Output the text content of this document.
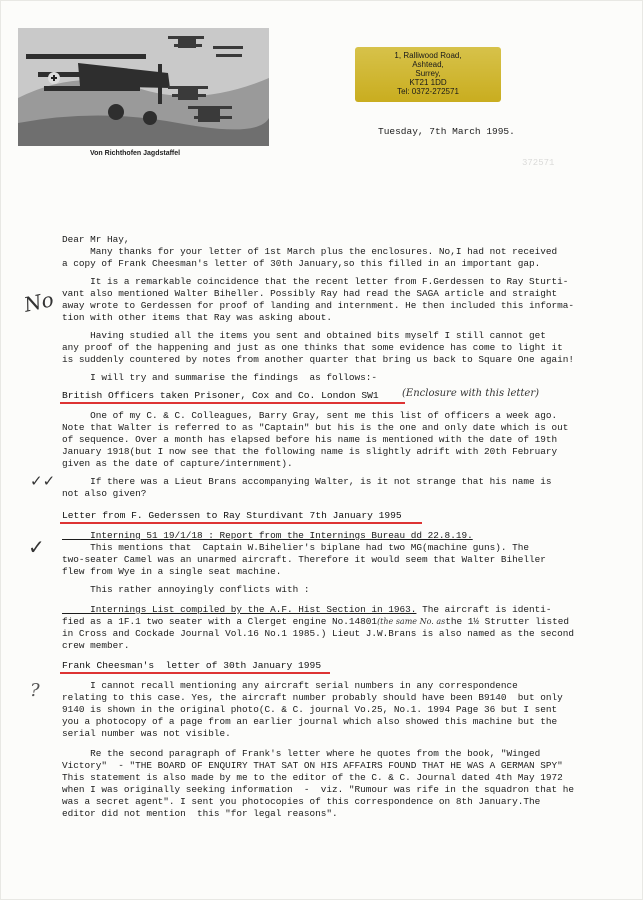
Von Richthofen Jagdstaffel
1, Ralliwood Road,
Ashtead,
Surrey,
KT21 1DD
Tel: 0372-272571
Tuesday, 7th March 1995.
372571
Dear Mr Hay,
Many thanks for your letter of 1st March plus the enclosures. No,I had not received
a copy of Frank Cheesman's letter of 30th January,so this filled in an important gap.
It is a remarkable coincidence that the recent letter from F.Gerdessen to Ray Sturti-
vant also mentioned Walter Biheller. Possibly Ray had read the SAGA article and straight
away wrote to Gerdessen for proof of landing and internment. He then included this informa-
tion with other items that Ray was asking about.
Having studied all the items you sent and obtained bits myself I still cannot get
any proof of the happening and just as one thinks that some evidence has come to light it
is suddenly countered by notes from another quarter that bring us back to Square One again!
I will try and summarise the findings  as follows:-
British Officers taken Prisoner, Cox and Co. London SW1 (Enclosure with this letter)
One of my C. & C. Colleagues, Barry Gray, sent me this list of officers a week ago.
Note that Walter is referred to as "Captain" but his is the one and only date which is out
of sequence. Over a month has elapsed before his name is mentioned with the date of 19th
January 1918(but I now see that the following name is slightly adrift with 20th February
given as the date of capture/internment).
If there was a Lieut Brans accompanying Walter, is it not strange that his name is
not also given?
Letter from F. Gederssen to Ray Sturdivant 7th January 1995
Interning 51 19/1/18 : Report from the Internings Bureau dd 22.8.19.
This mentions that  Captain W.Bihelier's biplane had two MG(machine guns). The
two-seater Camel was an unarmed aircraft. Therefore it would seem that Walter Biheller
flew from Wye in a single seat machine.
This rather annoyingly conflicts with :
Internings List compiled by the A.F. Hist Section in 1963. The aircraft is identi-
fied as a 1F.1 two seater with a Clerget engine No.14801(the same No. asthe 1½ Strutter listed
in Cross and Cockade Journal Vol.16 No.1 1985.) Lieut J.W.Brans is also named as the second
crew member.
Frank Cheesman's  letter of 30th January 1995
I cannot recall mentioning any aircraft serial numbers in any correspondence
relating to this case. Yes, the aircraft number probably should have been B9140  but only
9140 is shown in the original photo(C. & C. journal Vo.25, No.1. 1994 Page 36 but I sent
you a photocopy of a page from an earlier journal which also showed this machine but the
serial number was not visible.
Re the second paragraph of Frank's letter where he quotes from the book, "Winged
Victory"  - "THE BOARD OF ENQUIRY THAT SAT ON HIS AFFAIRS FOUND THAT HE WAS A GERMAN SPY"
This statement is also made by me to the editor of the C. & C. Journal dated 4th May 1972
when I was originally seeking information  -  viz. "Rumour was rife in the squadron that he
was a secret agent". I sent you photocopies of this correspondence on 8th January.The
editor did not mention  this "for legal reasons".
No
✓✓
✓
?
